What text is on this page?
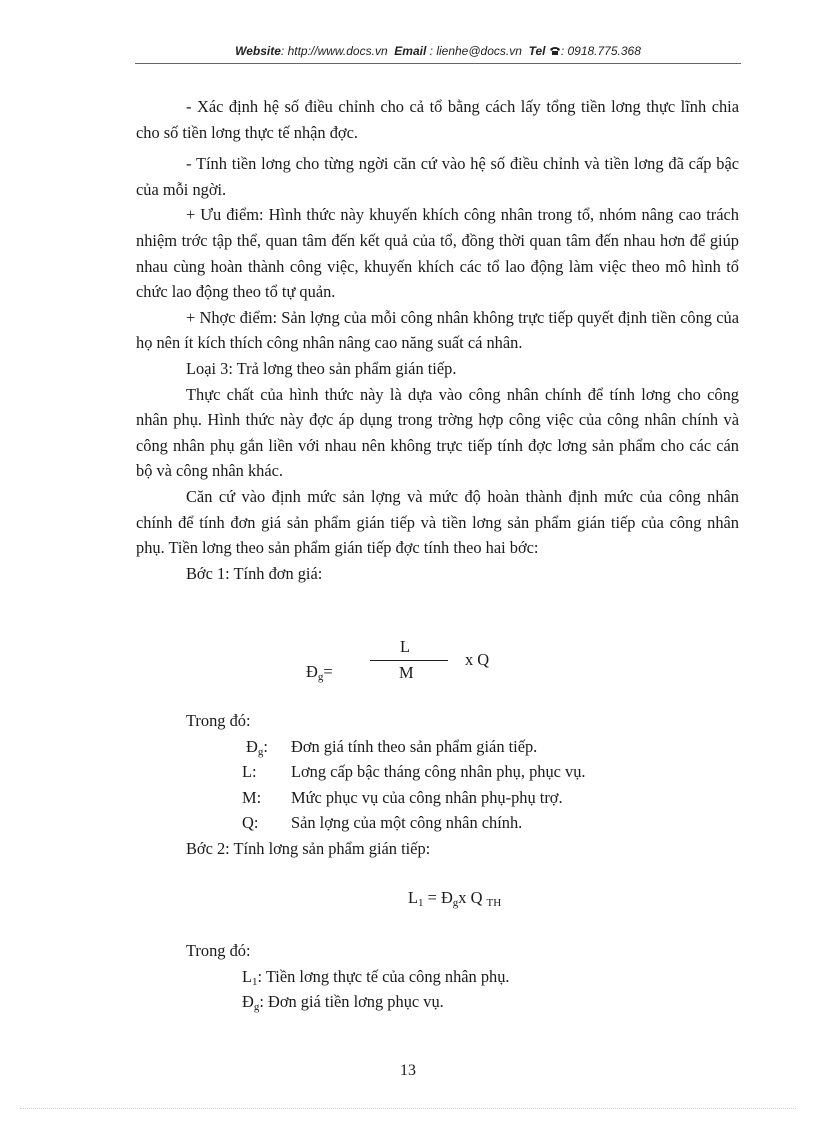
Website: http://www.docs.vn Email : lienhe@docs.vn Tel : 0918.775.368

- Xác định hệ số điều chỉnh cho cả tổ bằng cách lấy tổng tiền lơng thực lĩnh chia cho số tiền lơng thực tế nhận đợc.

- Tính tiền lơng cho từng ngời căn cứ vào hệ số điều chỉnh và tiền lơng đã cấp bậc của mỗi ngời.

+ Ưu điểm: Hình thức này khuyến khích công nhân trong tổ, nhóm nâng cao trách nhiệm trớc tập thể, quan tâm đến kết quả của tổ, đồng thời quan tâm đến nhau hơn để giúp nhau cùng hoàn thành công việc, khuyến khích các tổ lao động làm việc theo mô hình tổ chức lao động theo tổ tự quản.

+ Nhợc điểm: Sản lợng của mỗi công nhân không trực tiếp quyết định tiền công của họ nên ít kích thích công nhân nâng cao năng suất cá nhân.

Loại 3: Trả lơng theo sản phẩm gián tiếp.

Thực chất của hình thức này là dựa vào công nhân chính để tính lơng cho công nhân phụ. Hình thức này đợc áp dụng trong trờng hợp công việc của công nhân chính và công nhân phụ gắn liền với nhau nên không trực tiếp tính đợc lơng sản phẩm cho các cán bộ và công nhân khác.

Căn cứ vào định mức sản lợng và mức độ hoàn thành định mức của công nhân chính để tính đơn giá sản phẩm gián tiếp và tiền lơng sản phẩm gián tiếp của công nhân phụ. Tiền lơng theo sản phẩm gián tiếp đợc tính theo hai bớc:

Bớc 1: Tính đơn giá:

$Đ_g=$
L
M
x Q
Trong đó:
$Đ_g$: Đơn giá tính theo sản phẩm gián tiếp.
L: Lơng cấp bậc tháng công nhân phụ, phục vụ.
M: Mức phục vụ của công nhân phụ-phụ trợ.
Q: Sản lợng của một công nhân chính.
Bớc 2: Tính lơng sản phẩm gián tiếp:
$L_1$ = $Đ_gx$ Q $_{TH}$
Trong đó:
$L_1$: Tiền lơng thực tế của công nhân phụ.
$Đ_g$: Đơn giá tiền lơng phục vụ.
13
